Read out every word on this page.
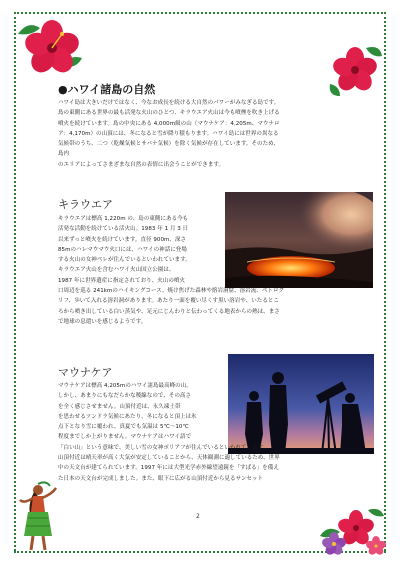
●ハワイ諸島の自然
ハワイ島は大きいだけではなく、今なお成長を続ける大自然のパワーがみなぎる島です。
島の東側にある世界の最も活発な火山のひとつ、キラウエア火山は今も噴煙を吹き上げる
噴火を続けています。島の中央にある 4,000m級の山（マウナケア：4,205m、マウナロ
ア：4,170m）の山頂には、冬になると雪が降り積もります。ハワイ島には世界の異なる
気候帯のうち、二つ（乾燥気候とサバナ気候）を除く気候が存在しています。そのため、
島内
のエリアによってさまざまな自然の表情に出会うことができます。
キラウエア
キラウエアは標高 1,220m の、島の東側にある今も
活発な活動を続けている活火山。1983 年 1 月 3 日
以来ずっと噴火を続けています。直径 900m、深さ
85mのハレマウマウ火口には、ハワイの神話に登場
する火山の女神ペレが住んでいるといわれています。
キラウエア火山を含むハワイ火山国立公園は、
1987 年に世界遺産に指定されており、火山の噴火
口周辺を巡る 241kmのハイキングコース、焼け焦げた森林や熔岩洞窟、溶岩流、ペトログ
リフ、歩いて入れる溶岩洞があります。あたり一面を覆い尽くす黒い溶岩や、いたるとこ
ろから噴き出している白い蒸気や、足元にじんわりと伝わってくる地表からの熱は、まさ
で地球の息遣いを感じるようです。
マウナケア
マウナケアは標高 4,205mのハワイ諸島最高峰の山。
しかし、あまりにもなだらかな稜線なので、その高さ
を全く感じさせません。山頂付近は、永久凍土帯
を思わせるツンドラ気候にあたり、冬になると頂上は氷
点下となり雪に覆われ、真夏でも気温は 5℃〜10℃
程度までしか上がりません。マウナケアはハワイ語で
「白い山」という意味で、美しい雪の女神ポリアフが住んでいるといわれています。
山頂付近は晴天率が高く大気が安定していることから、天体観測に適しているため、世界
中の天文台が建てられています。1997 年には大型光学赤外線望遠鏡を「すばる」を備え
た日本の天文台が完成しました。また、眼下に広がる山頂付近から見るサンセット
2
